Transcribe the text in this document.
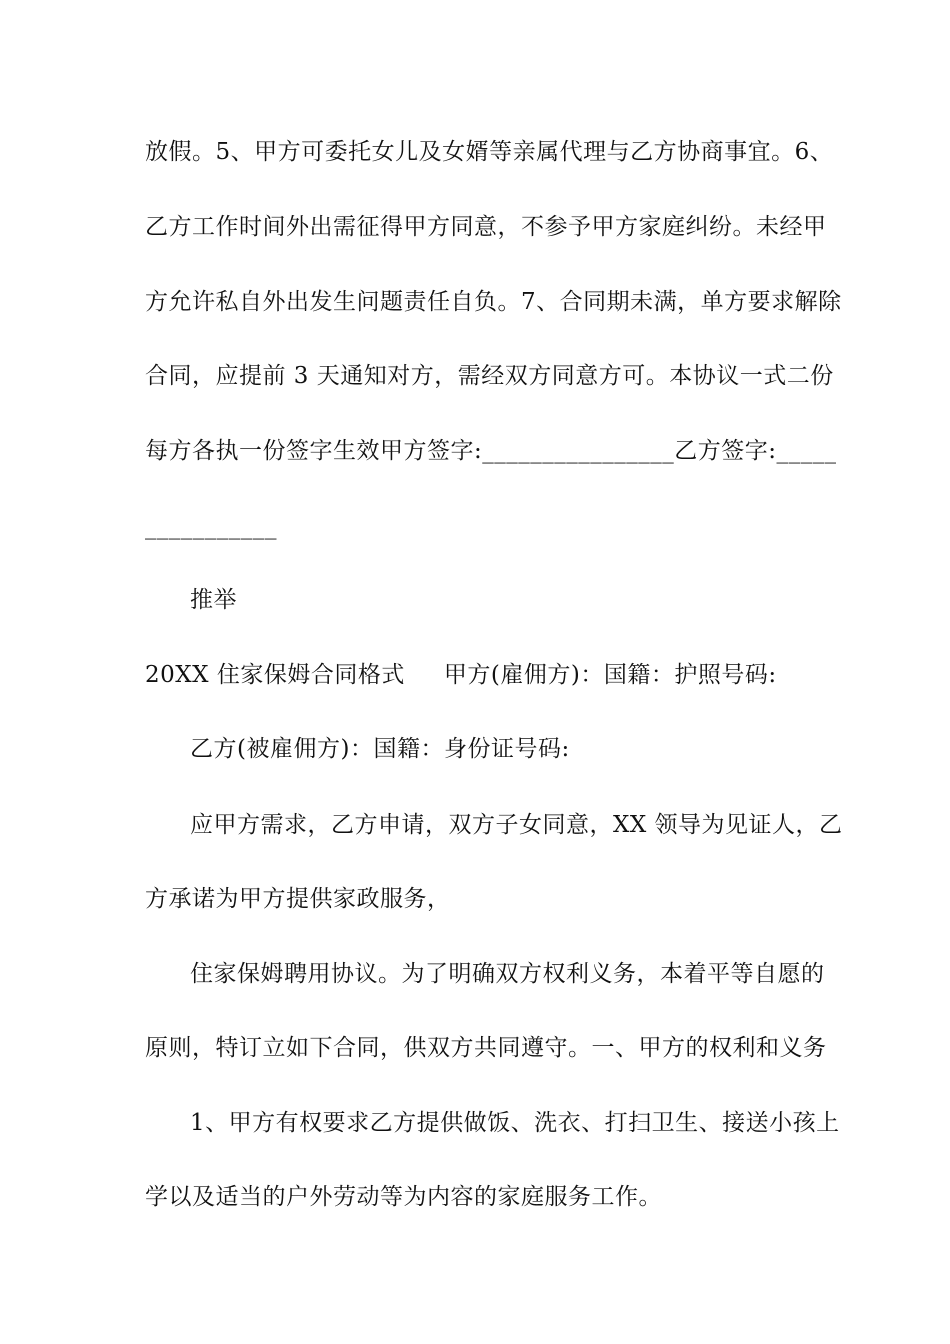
放假。5、甲方可委托女儿及女婿等亲属代理与乙方协商事宜。6、
乙方工作时间外出需征得甲方同意，不参予甲方家庭纠纷。未经甲
方允许私自外出发生问题责任自负。7、合同期未满，单方要求解除
合同，应提前 3 天通知对方，需经双方同意方可。本协议一式二份
每方各执一份签字生效甲方签字:________________乙方签字:_____
___________
推举
20XX 住家保姆合同格式     甲方(雇佣方)：国籍：护照号码:
乙方(被雇佣方)：国籍：身份证号码:
应甲方需求，乙方申请，双方子女同意，XX 领导为见证人，乙
方承诺为甲方提供家政服务，
住家保姆聘用协议。为了明确双方权利义务，本着平等自愿的
原则，特订立如下合同，供双方共同遵守。一、甲方的权利和义务
1、甲方有权要求乙方提供做饭、洗衣、打扫卫生、接送小孩上
学以及适当的户外劳动等为内容的家庭服务工作。
